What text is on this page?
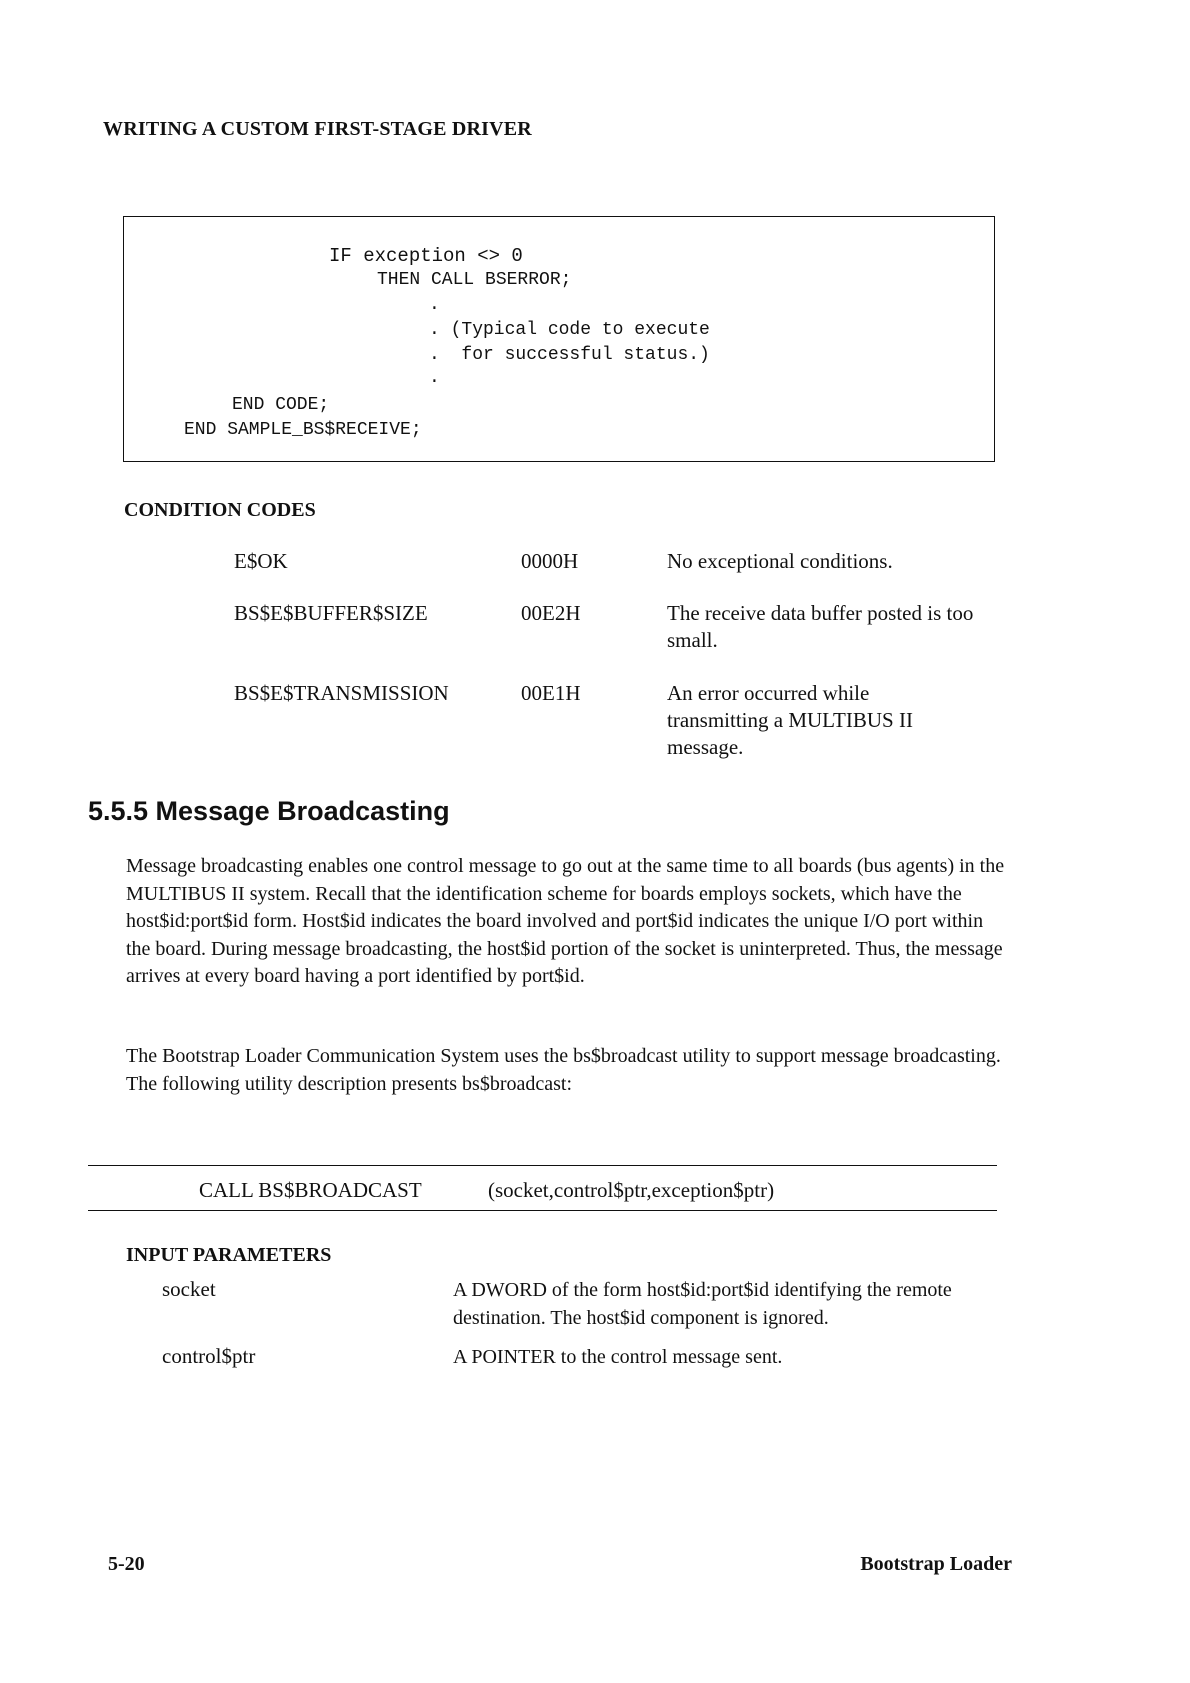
WRITING A CUSTOM FIRST-STAGE DRIVER
IF exception <> 0
THEN CALL BSERROR;
.
. (Typical code to execute
.  for successful status.)
.
END CODE;
END SAMPLE_BS$RECEIVE;
CONDITION CODES
E$OK	0000H	No exceptional conditions.
BS$E$BUFFER$SIZE	00E2H	The receive data buffer posted is too small.
BS$E$TRANSMISSION	00E1H	An error occurred while transmitting a MULTIBUS II message.
5.5.5 Message Broadcasting
Message broadcasting enables one control message to go out at the same time to all boards (bus agents) in the MULTIBUS II system. Recall that the identification scheme for boards employs sockets, which have the host$id:port$id form. Host$id indicates the board involved and port$id indicates the unique I/O port within the board. During message broadcasting, the host$id portion of the socket is uninterpreted. Thus, the message arrives at every board having a port identified by port$id.
The Bootstrap Loader Communication System uses the bs$broadcast utility to support message broadcasting. The following utility description presents bs$broadcast:
CALL BS$BROADCAST	(socket,control$ptr,exception$ptr)
INPUT PARAMETERS
socket	A DWORD of the form host$id:port$id identifying the remote destination. The host$id component is ignored.
control$ptr	A POINTER to the control message sent.
5-20	Bootstrap Loader
